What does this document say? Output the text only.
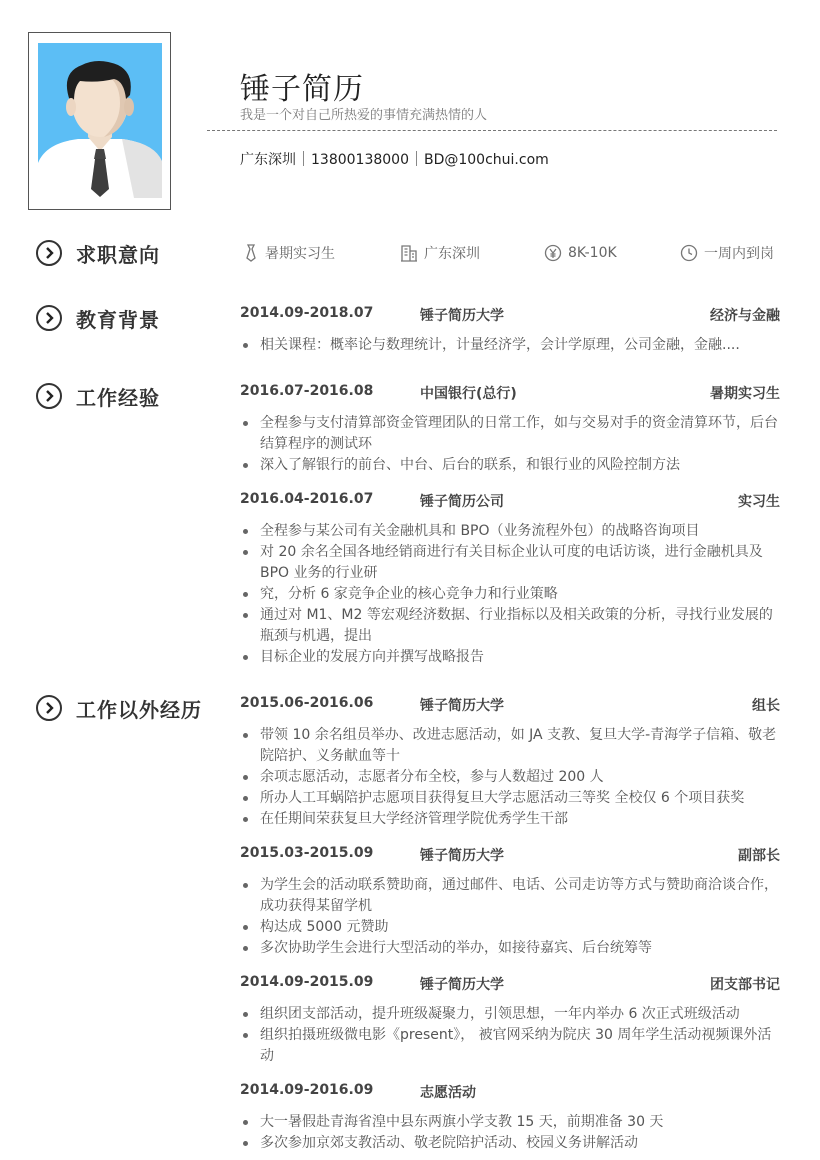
锤子简历
我是一个对自己所热爱的事情充满热情的人
广东深圳 13800138000 BD@100chui.com
求职意向
教育背景
工作经验
工作以外经历
暑期实习生	广东深圳	8K-10K	一周内到岗
2014.09-2018.07	锤子简历大学	经济与金融
相关课程：概率论与数理统计，计量经济学，会计学原理，公司金融，金融....
2016.07-2016.08	中国银行(总行)	暑期实习生
全程参与支付清算部资金管理团队的日常工作，如与交易对手的资金清算环节，后台结算程序的测试环
深入了解银行的前台、中台、后台的联系，和银行业的风险控制方法
2016.04-2016.07	锤子简历公司	实习生
全程参与某公司有关金融机具和 BPO（业务流程外包）的战略咨询项目
对 20 余名全国各地经销商进行有关目标企业认可度的电话访谈，进行金融机具及 BPO 业务的行业研
究，分析 6 家竞争企业的核心竞争力和行业策略
通过对 M1、M2 等宏观经济数据、行业指标以及相关政策的分析，寻找行业发展的瓶颈与机遇，提出
目标企业的发展方向并撰写战略报告
2015.06-2016.06	锤子简历大学	组长
带领 10 余名组员举办、改进志愿活动，如 JA 支教、复旦大学-青海学子信箱、敬老院陪护、义务献血等十
余项志愿活动，志愿者分布全校，参与人数超过 200 人
所办人工耳蜗陪护志愿项目获得复旦大学志愿活动三等奖 全校仅 6 个项目获奖
在任期间荣获复旦大学经济管理学院优秀学生干部
2015.03-2015.09	锤子简历大学	副部长
为学生会的活动联系赞助商，通过邮件、电话、公司走访等方式与赞助商洽谈合作，成功获得某留学机
构达成 5000 元赞助
多次协助学生会进行大型活动的举办，如接待嘉宾、后台统筹等
2014.09-2015.09	锤子简历大学	团支部书记
组织团支部活动，提升班级凝聚力，引领思想，一年内举办 6 次正式班级活动
组织拍摄班级微电影《present》， 被官网采纳为院庆 30 周年学生活动视频课外活动
2014.09-2016.09	志愿活动
大一暑假赴青海省湟中县东两旗小学支教 15 天，前期准备 30 天
多次参加京郊支教活动、敬老院陪护活动、校园义务讲解活动
